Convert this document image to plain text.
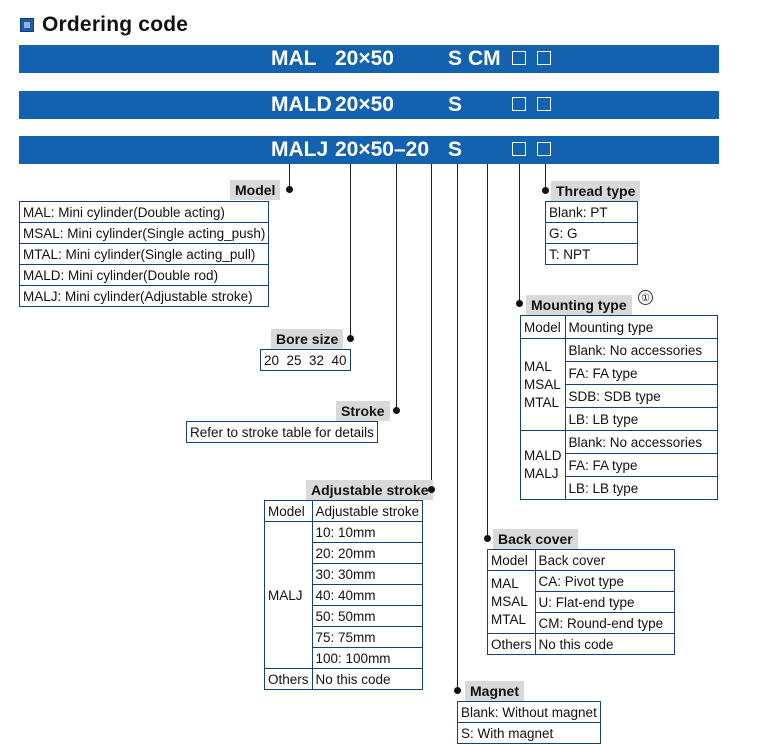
Ordering code
MAL 20×50	S CM
MALD 20×50	S
MALJ 20×50–20 S
Model
MAL: Mini cylinder(Double acting)
MSAL: Mini cylinder(Single acting_push)
MTAL: Mini cylinder(Single acting_pull)
MALD: Mini cylinder(Double rod)
MALJ: Mini cylinder(Adjustable stroke)
Bore size
20  25  32  40
Stroke
Refer to stroke table for details
Adjustable stroke
Model	Adjustable stroke
MALJ	10: 10mm
	20: 20mm
	30: 30mm
	40: 40mm
	50: 50mm
	75: 75mm
	100: 100mm
Others	No this code
Magnet
Blank: Without magnet
S: With magnet
Thread type
Blank: PT
G: G
T: NPT
Mounting type	①
Model	Mounting type

MAL
MSAL
MTAL	Blank: No accessories
	FA: FA type
	SDB: SDB type
	LB: LB type

MALD
MALJ	Blank: No accessories
	FA: FA type
	LB: LB type
Back cover
Model	Back cover

MAL
MSAL
MTAL	CA: Pivot type
	U: Flat-end type
	CM: Round-end type
Others	No this code
